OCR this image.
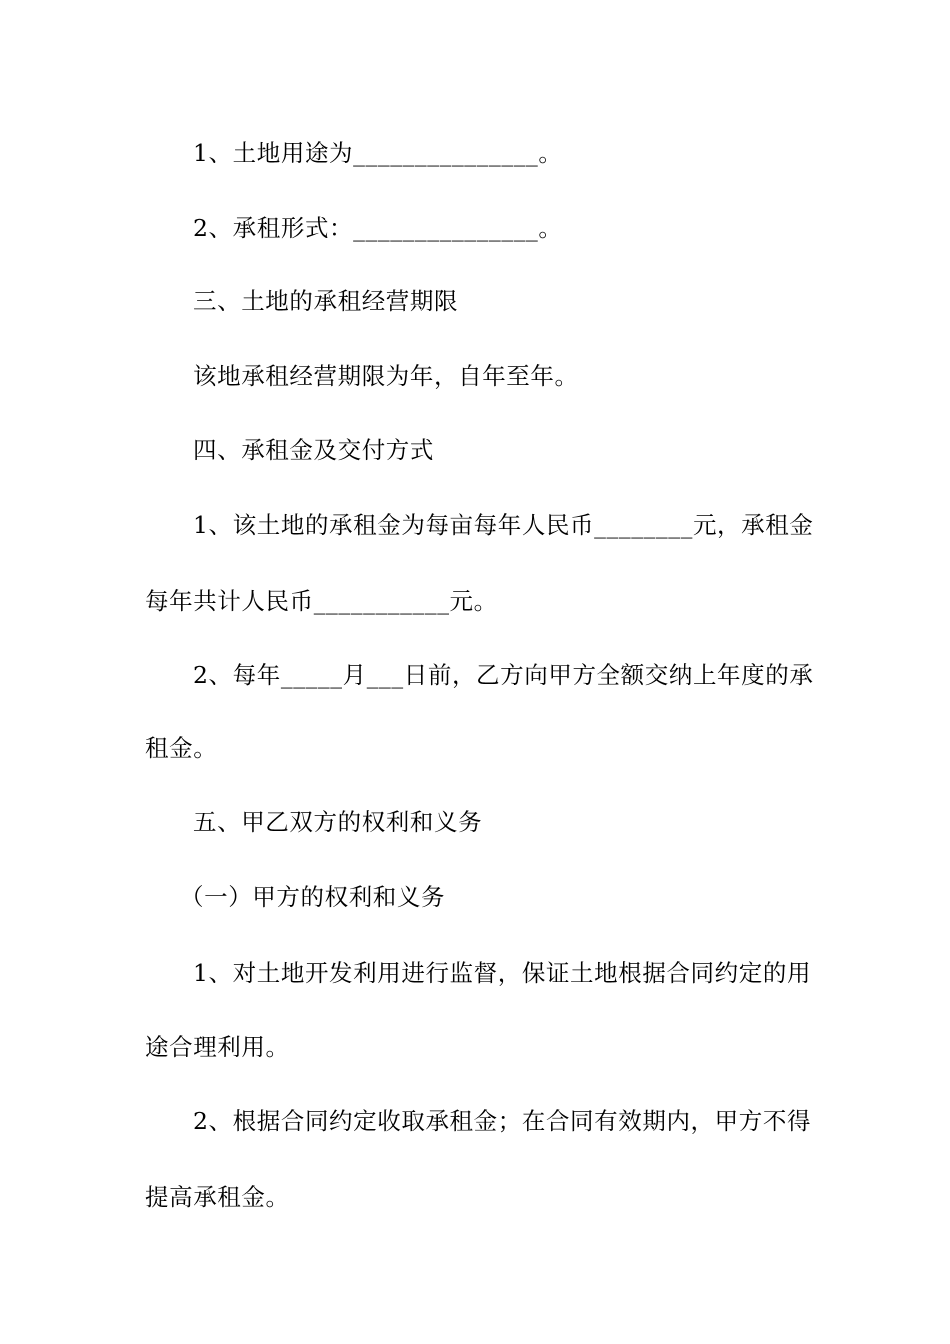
1、土地用途为_______________。
2、承租形式：_______________。
三、土地的承租经营期限
该地承租经营期限为年，自年至年。
四、承租金及交付方式
1、该土地的承租金为每亩每年人民币________元，承租金
每年共计人民币___________元。
2、每年_____月___日前，乙方向甲方全额交纳上年度的承
租金。
五、甲乙双方的权利和义务
（一）甲方的权利和义务
1、对土地开发利用进行监督，保证土地根据合同约定的用
途合理利用。
2、根据合同约定收取承租金；在合同有效期内，甲方不得
提高承租金。
